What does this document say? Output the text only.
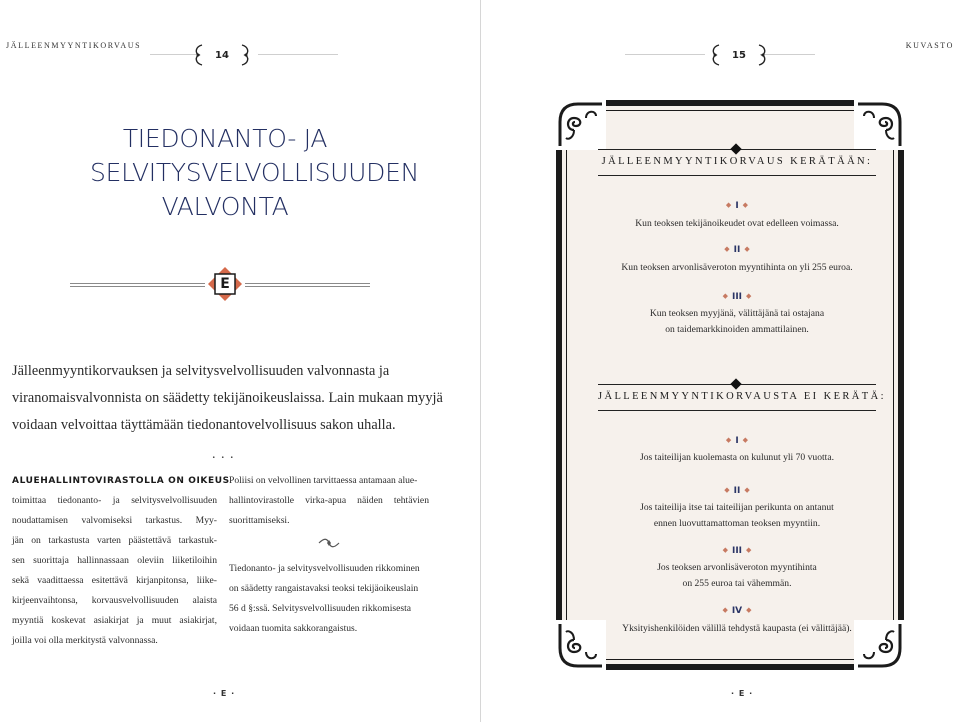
JÄLLEENMYYNTIKORVAUS
14	15
KUVASTO
TIEDONANTO- JA
SELVITYSVELVOLLISUUDEN
VALVONTA
E
Jälleenmyyntikorvauksen ja selvitysvelvollisuuden valvonnasta ja
viranomaisvalvonnista on säädetty tekijänoikeuslaissa. Lain mukaan myyjä
voidaan velvoittaa täyttämään tiedonantovelvollisuus sakon uhalla.
. . .
ALUEHALLINTOVIRASTOLLA ON OIKEUS
toimittaa tiedonanto- ja selvitysvelvollisuuden
noudattamisen valvomiseksi tarkastus. Myy-
jän on tarkastusta varten päästettävä tarkastuk-
sen suorittaja hallinnassaan oleviin liiketiloihin
sekä vaadittaessa esitettävä kirjanpitonsa, liike-
kirjeenvaihtonsa, korvausvelvollisuuden alaista
myyntiä koskevat asiakirjat ja muut asiakirjat,
joilla voi olla merkitystä valvonnassa.
Poliisi on velvollinen tarvittaessa antamaan alue-
hallintovirastolle virka-apua näiden tehtävien
suorittamiseksi.
Tiedonanto- ja selvitysvelvollisuuden rikkominen
on säädetty rangaistavaksi teoksi tekijäoikeuslain
56 d §:ssä. Selvitysvelvollisuuden rikkomisesta
voidaan tuomita sakkorangaistus.
· E ·
JÄLLEENMYYNTIKORVAUS KERÄTÄÄN:
◆ I ◆
Kun teoksen tekijänoikeudet ovat edelleen voimassa.
◆ II ◆
Kun teoksen arvonlisäveroton myyntihinta on yli 255 euroa.
◆ III ◆
Kun teoksen myyjänä, välittäjänä tai ostajana
on taidemarkkinoiden ammattilainen.
JÄLLEENMYYNTIKORVAUSTA EI KERÄTÄ:
◆ I ◆
Jos taiteilijan kuolemasta on kulunut yli 70 vuotta.
◆ II ◆
Jos taiteilija itse tai taiteilijan perikunta on antanut
ennen luovuttamattoman teoksen myyntiin.
◆ III ◆
Jos teoksen arvonlisäveroton myyntihinta
on 255 euroa tai vähemmän.
◆ IV ◆
Yksityishenkilöiden välillä tehdystä kaupasta (ei välittäjää).
· E ·
